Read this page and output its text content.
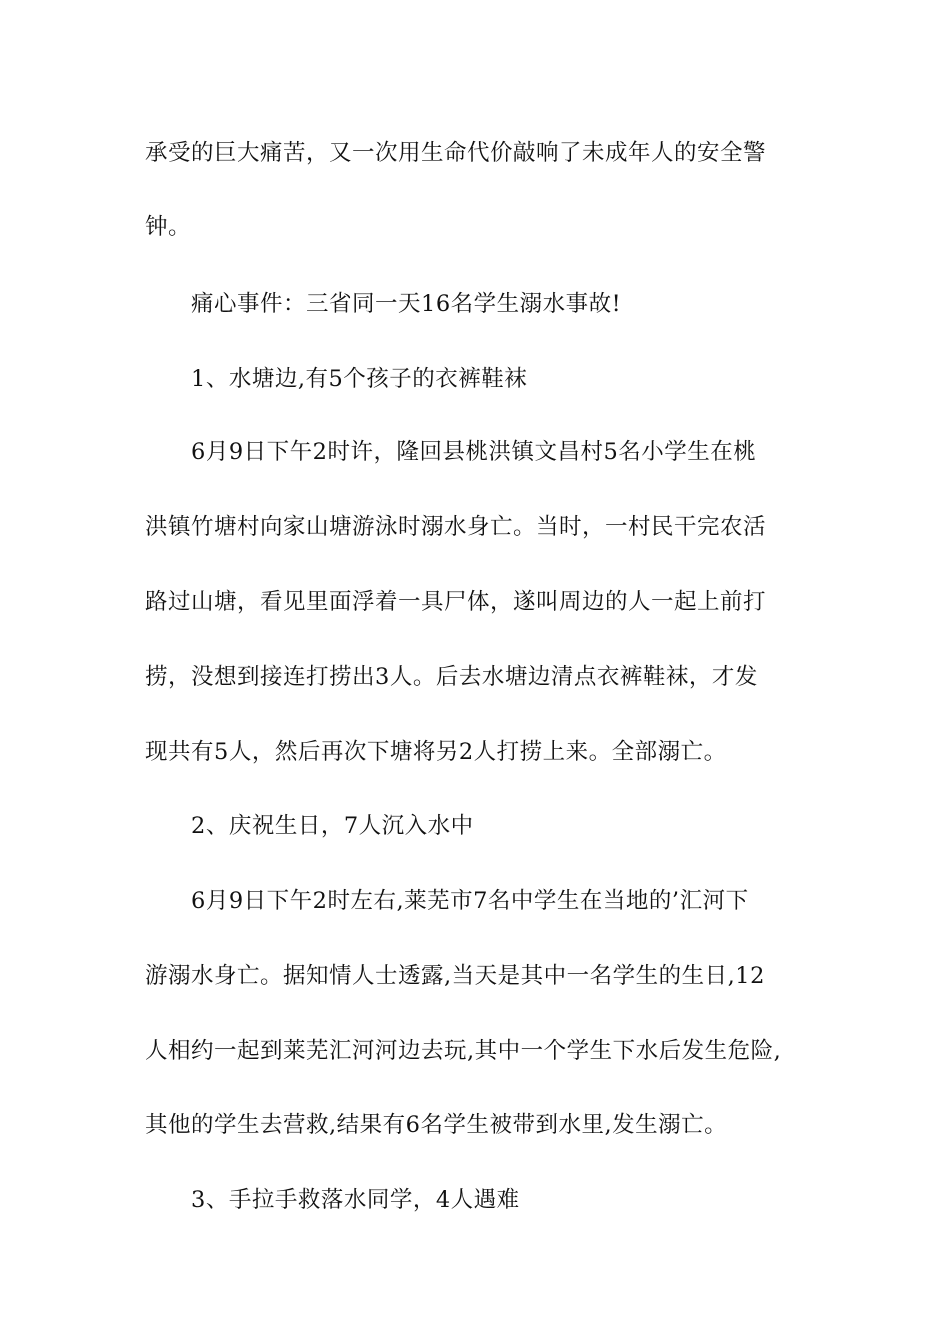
承受的巨大痛苦，又一次用生命代价敲响了未成年人的安全警
钟。
痛心事件：三省同一天16名学生溺水事故!
1、水塘边,有5个孩子的衣裤鞋袜
6月9日下午2时许，隆回县桃洪镇文昌村5名小学生在桃
洪镇竹塘村向家山塘游泳时溺水身亡。当时，一村民干完农活
路过山塘，看见里面浮着一具尸体，遂叫周边的人一起上前打
捞，没想到接连打捞出3人。后去水塘边清点衣裤鞋袜，才发
现共有5人，然后再次下塘将另2人打捞上来。全部溺亡。
2、庆祝生日，7人沉入水中
6月9日下午2时左右,莱芜市7名中学生在当地的’汇河下
游溺水身亡。据知情人士透露,当天是其中一名学生的生日,12
人相约一起到莱芜汇河河边去玩,其中一个学生下水后发生危险,
其他的学生去营救,结果有6名学生被带到水里,发生溺亡。
3、手拉手救落水同学，4人遇难
